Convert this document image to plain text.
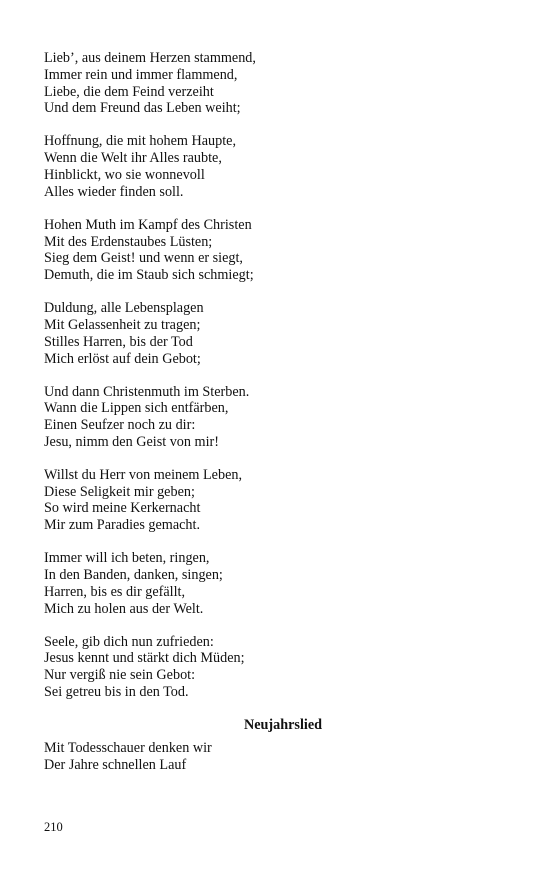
Lieb’, aus deinem Herzen stammend,
Immer rein und immer flammend,
Liebe, die dem Feind verzeiht
Und dem Freund das Leben weiht;
Hoffnung, die mit hohem Haupte,
Wenn die Welt ihr Alles raubte,
Hinblickt, wo sie wonnevoll
Alles wieder finden soll.
Hohen Muth im Kampf des Christen
Mit des Erdenstaubes Lüsten;
Sieg dem Geist! und wenn er siegt,
Demuth, die im Staub sich schmiegt;
Duldung, alle Lebensplagen
Mit Gelassenheit zu tragen;
Stilles Harren, bis der Tod
Mich erlöst auf dein Gebot;
Und dann Christenmuth im Sterben.
Wann die Lippen sich entfärben,
Einen Seufzer noch zu dir:
Jesu, nimm den Geist von mir!
Willst du Herr von meinem Leben,
Diese Seligkeit mir geben;
So wird meine Kerkernacht
Mir zum Paradies gemacht.
Immer will ich beten, ringen,
In den Banden, danken, singen;
Harren, bis es dir gefällt,
Mich zu holen aus der Welt.
Seele, gib dich nun zufrieden:
Jesus kennt und stärkt dich Müden;
Nur vergiß nie sein Gebot:
Sei getreu bis in den Tod.
Neujahrslied
Mit Todesschauer denken wir
Der Jahre schnellen Lauf
210
